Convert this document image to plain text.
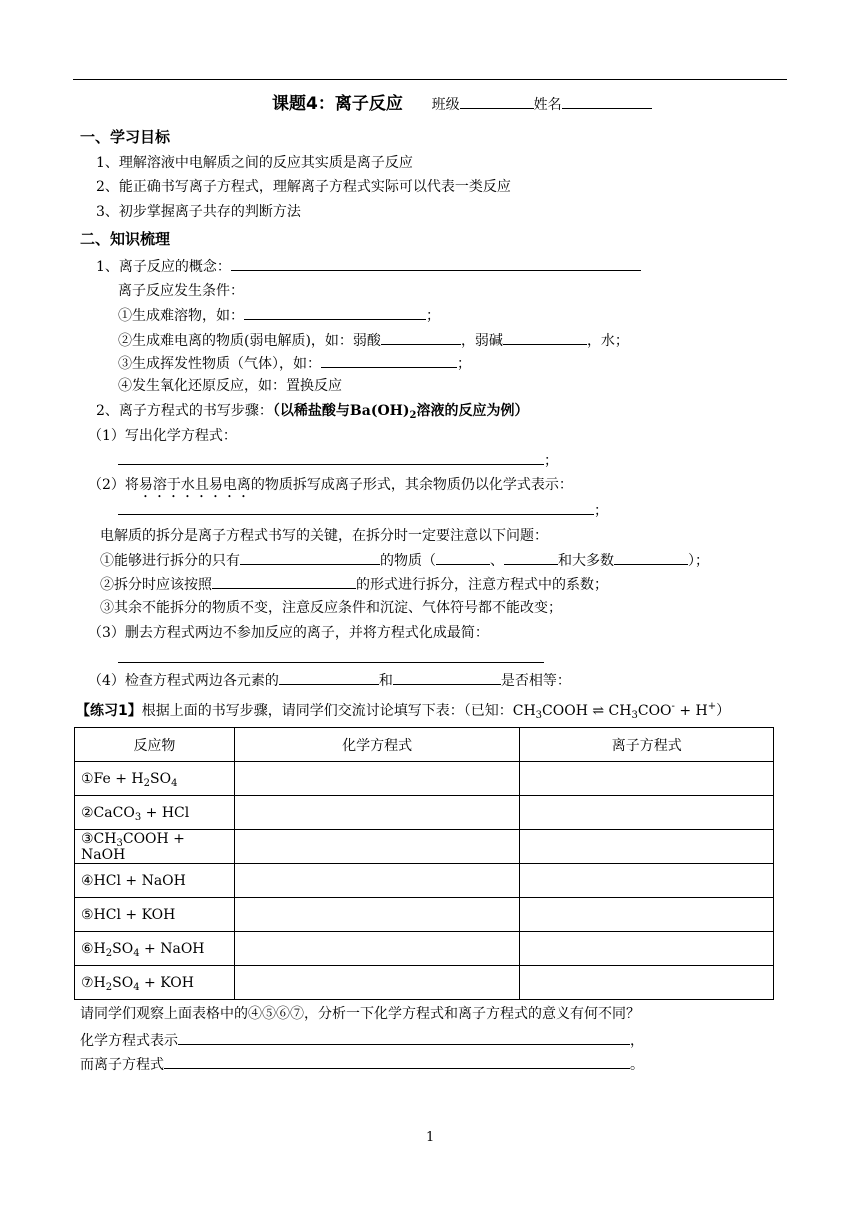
课题4：离子反应 班级	姓名
一、学习目标
1、理解溶液中电解质之间的反应其实质是离子反应
2、能正确书写离子方程式，理解离子方程式实际可以代表一类反应
3、初步掌握离子共存的判断方法
二、知识梳理
1、离子反应的概念：
离子反应发生条件：
①生成难溶物，如：	；
②生成难电离的物质(弱电解质)，如：弱酸	，弱碱	，水；
③生成挥发性物质（气体），如：	；
④发生氧化还原反应，如：置换反应
2、离子方程式的书写步骤：（以稀盐酸与$Ba(OH)_2$溶液的反应为例）
（1）写出化学方程式：
；
（2）将易溶于水且易电离的物质拆写成离子形式，其余物质仍以化学式表示：
；
电解质的拆分是离子方程式书写的关键，在拆分时一定要注意以下问题：
①能够进行拆分的只有	的物质（	、	和大多数	）；
②拆分时应该按照	的形式进行拆分，注意方程式中的系数；
③其余不能拆分的物质不变，注意反应条件和沉淀、气体符号都不能改变；
（3）删去方程式两边不参加反应的离子，并将方程式化成最简：
（4）检查方程式两边各元素的	和	是否相等：
【练习1】根据上面的书写步骤，请同学们交流讨论填写下表：（已知：$CH_3COOH$ ⇌ $CH_3COO^- + H^+$）
反应物	化学方程式	离子方程式
①Fe + $H_2SO_4$		
②CaCO$_3$ + HCl		
$③CH_3COOH$ + NaOH		
④HCl + NaOH		
⑤HCl + KOH		
$⑥H_2SO_4$ + NaOH		
$⑦H_2SO_4$ + KOH		
请同学们观察上面表格中的④⑤⑥⑦，分析一下化学方程式和离子方程式的意义有何不同？
化学方程式表示	，
而离子方程式	。
1
